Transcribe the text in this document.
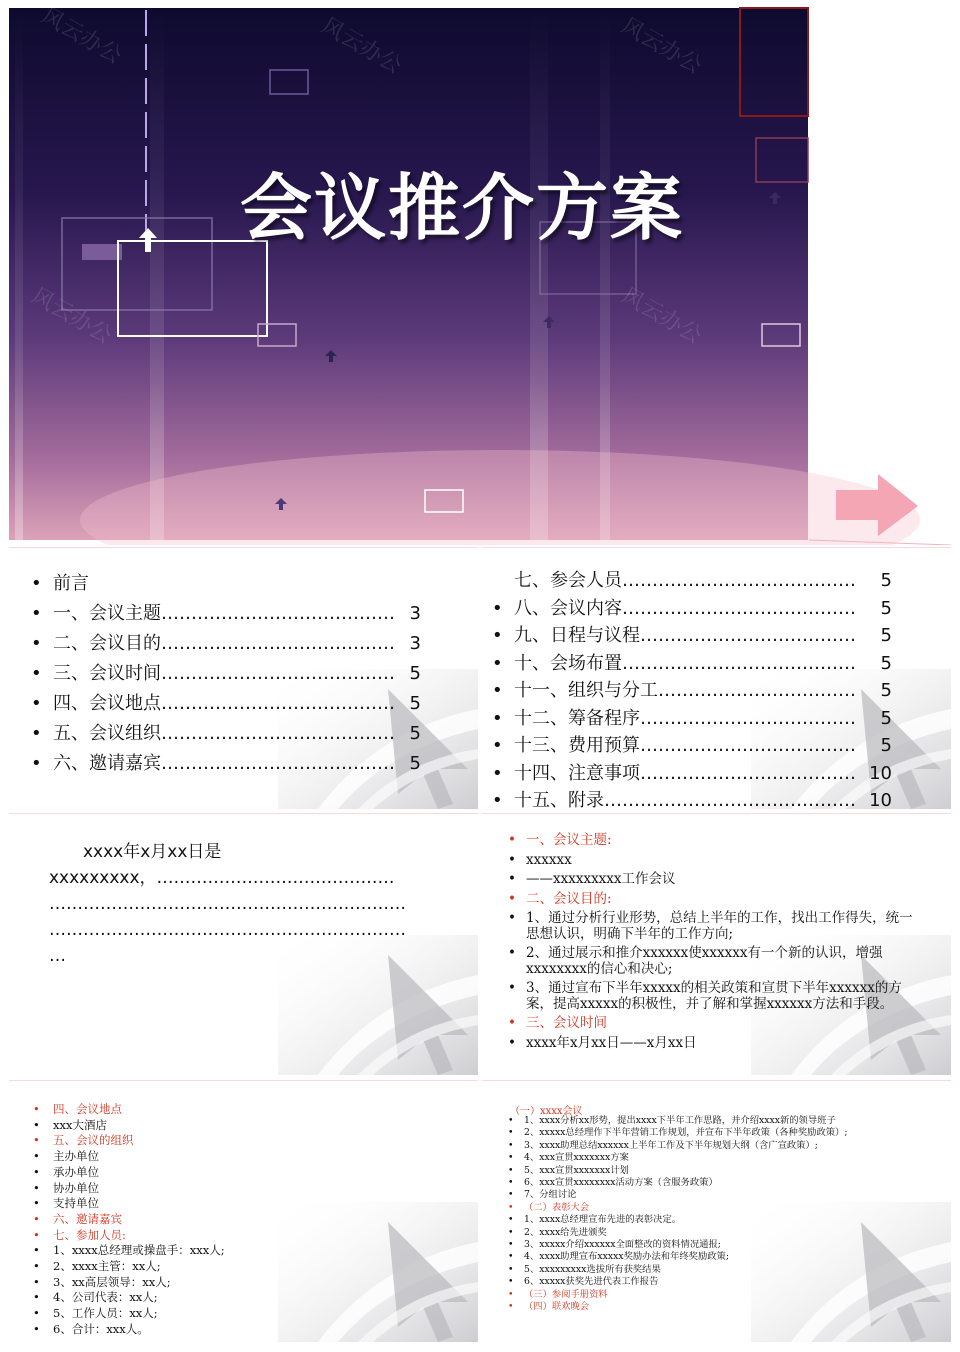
风云办公
风云办公
风云办公
风云办公
风云办公
会议推介方案
• 前言
• 一、会议主题………………………………… 3
• 二、会议目的………………………………… 3
• 三、会议时间………………………………… 5
• 四、会议地点………………………………… 5
• 五、会议组织………………………………… 5
• 六、邀请嘉宾………………………………… 5
七、参会人员………………………………… 5
• 八、会议内容………………………………… 5
• 九、日程与议程……………………………… 5
• 十、会场布置………………………………… 5
• 十一、组织与分工…………………………… 5
• 十二、筹备程序……………………………… 5
• 十三、费用预算……………………………… 5
• 十四、注意事项……………………………… 10
• 十五、附录…………………………………… 10
　　xxxx年x月xx日是
xxxxxxxxx，……………………………………
………………………………………………………
………………………………………………………
…
• 一、会议主题:
• xxxxxx
• ——xxxxxxxxx工作会议
• 二、会议目的:
• 1、通过分析行业形势，总结上半年的工作，找出工作得失，统一思想认识，明确下半年的工作方向;
• 2、通过展示和推介xxxxxx使xxxxxx有一个新的认识，增强xxxxxxxx的信心和决心;
• 3、通过宣布下半年xxxxx的相关政策和宣贯下半年xxxxxx的方案，提高xxxxx的积极性，并了解和掌握xxxxxx方法和手段。
• 三、会议时间
• xxxx年x月xx日——x月xx日
• 四、会议地点
• xxx大酒店
• 五、会议的组织
• 主办单位
• 承办单位
• 协办单位
• 支持单位
• 六、邀请嘉宾
• 七、参加人员:
• 1、xxxx总经理或操盘手：xxx人;
• 2、xxxx主管：xx人;
• 3、xx高层领导：xx人;
• 4、公司代表：xx人;
• 5、工作人员：xx人;
• 6、合计：xxx人。
（一）xxxx会议
• 1、xxxx分析xx形势，提出xxxx下半年工作思路，并介绍xxxx新的领导班子
• 2、xxxxx总经理作下半年营销工作规划，并宣布下半年政策（各种奖励政策）;
• 3、xxxx助理总结xxxxxx上半年工作及下半年规划大纲（含广宣政策）;
• 4、xxx宣贯xxxxxxx方案
• 5、xxx宣贯xxxxxxx计划
• 6、xxx宣贯xxxxxxxx活动方案（含服务政策）
• 7、分组讨论
• （二）表彰大会
• 1、xxxx总经理宣布先进的表彰决定。
• 2、xxxx给先进颁奖
• 3、xxxxx介绍xxxxxx全面整改的资料情况通报;
• 4、xxxx助理宣布xxxxx奖励办法和年终奖励政策;
• 5、xxxxxxxxx选拔所有获奖结果
• 6、xxxxx获奖先进代表工作报告
• （三）参阅手册资料
• （四）联欢晚会
